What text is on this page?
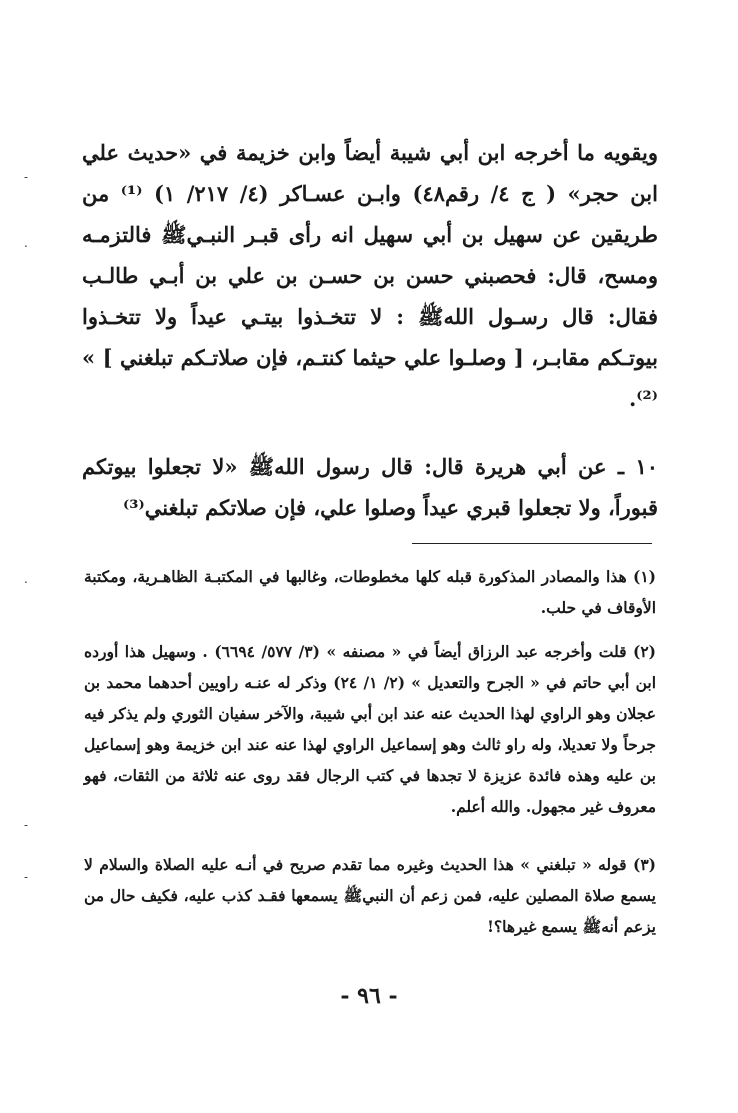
ويقويه ما أخرجه ابن أبي شيبة أيضاً وابن خزيمة في «حديث علي ابن حجر» ( ج ٤/ رقم٤٨) وابـن عسـاكر (٤/ ٢١٧/ ١) ⁽¹⁾ من طريقين عن سهيل بن أبي سهيل انه رأى قبـر النبـيﷺ فالتزمـه ومسح، قال: فحصبني حسن بن حسـن بن علي بن أبـي طالـب فقال: قال رسـول اللهﷺ : لا تتخـذوا بيتـي عيداً ولا تتخـذوا بيوتـكم مقابـر، [ وصلـوا علي حيثما كنتـم، فإن صلاتـكم تبلغني ] » ⁽²⁾.

١٠ ـ عن أبي هريرة قال: قال رسول اللهﷺ «لا تجعلوا بيوتكم قبوراً، ولا تجعلوا قبري عيداً وصلوا علي، فإن صلاتكم تبلغني⁽³⁾

(١) هذا والمصادر المذكورة قبله كلها مخطوطات، وغالبها في المكتبـة الظاهـرية، ومكتبة الأوقاف في حلب.

(٢) قلت وأخرجه عبد الرزاق أيضاً في « مصنفه » (٣/ ٥٧٧/ ٦٦٩٤) . وسهيل هذا أورده ابن أبي حاتم في « الجرح والتعديل » (٢/ ١/ ٢٤) وذكر له عنـه راويين أحدهما محمد بن عجلان وهو الراوي لهذا الحديث عنه عند ابن أبي شيبة، والآخر سفيان الثوري ولم يذكر فيه جرحاً ولا تعديلا، وله راو ثالث وهو إسماعيل الراوي لهذا عنه عند ابن خزيمة وهو إسماعيل بن عليه وهذه فائدة عزيزة لا تجدها في كتب الرجال فقد روى عنه ثلاثة من الثقات، فهو معروف غير مجهول. والله أعلم.

(٣) قوله « تبلغني » هذا الحديث وغيره مما تقدم صريح في أنـه عليه الصلاة والسلام لا يسمع صلاة المصلين عليه، فمن زعم أن النبيﷺ يسمعها فقـد كذب عليه، فكيف حال من يزعم أنهﷺ يسمع غيرها؟!

- ٩٦ -
-
.
.
-
-
